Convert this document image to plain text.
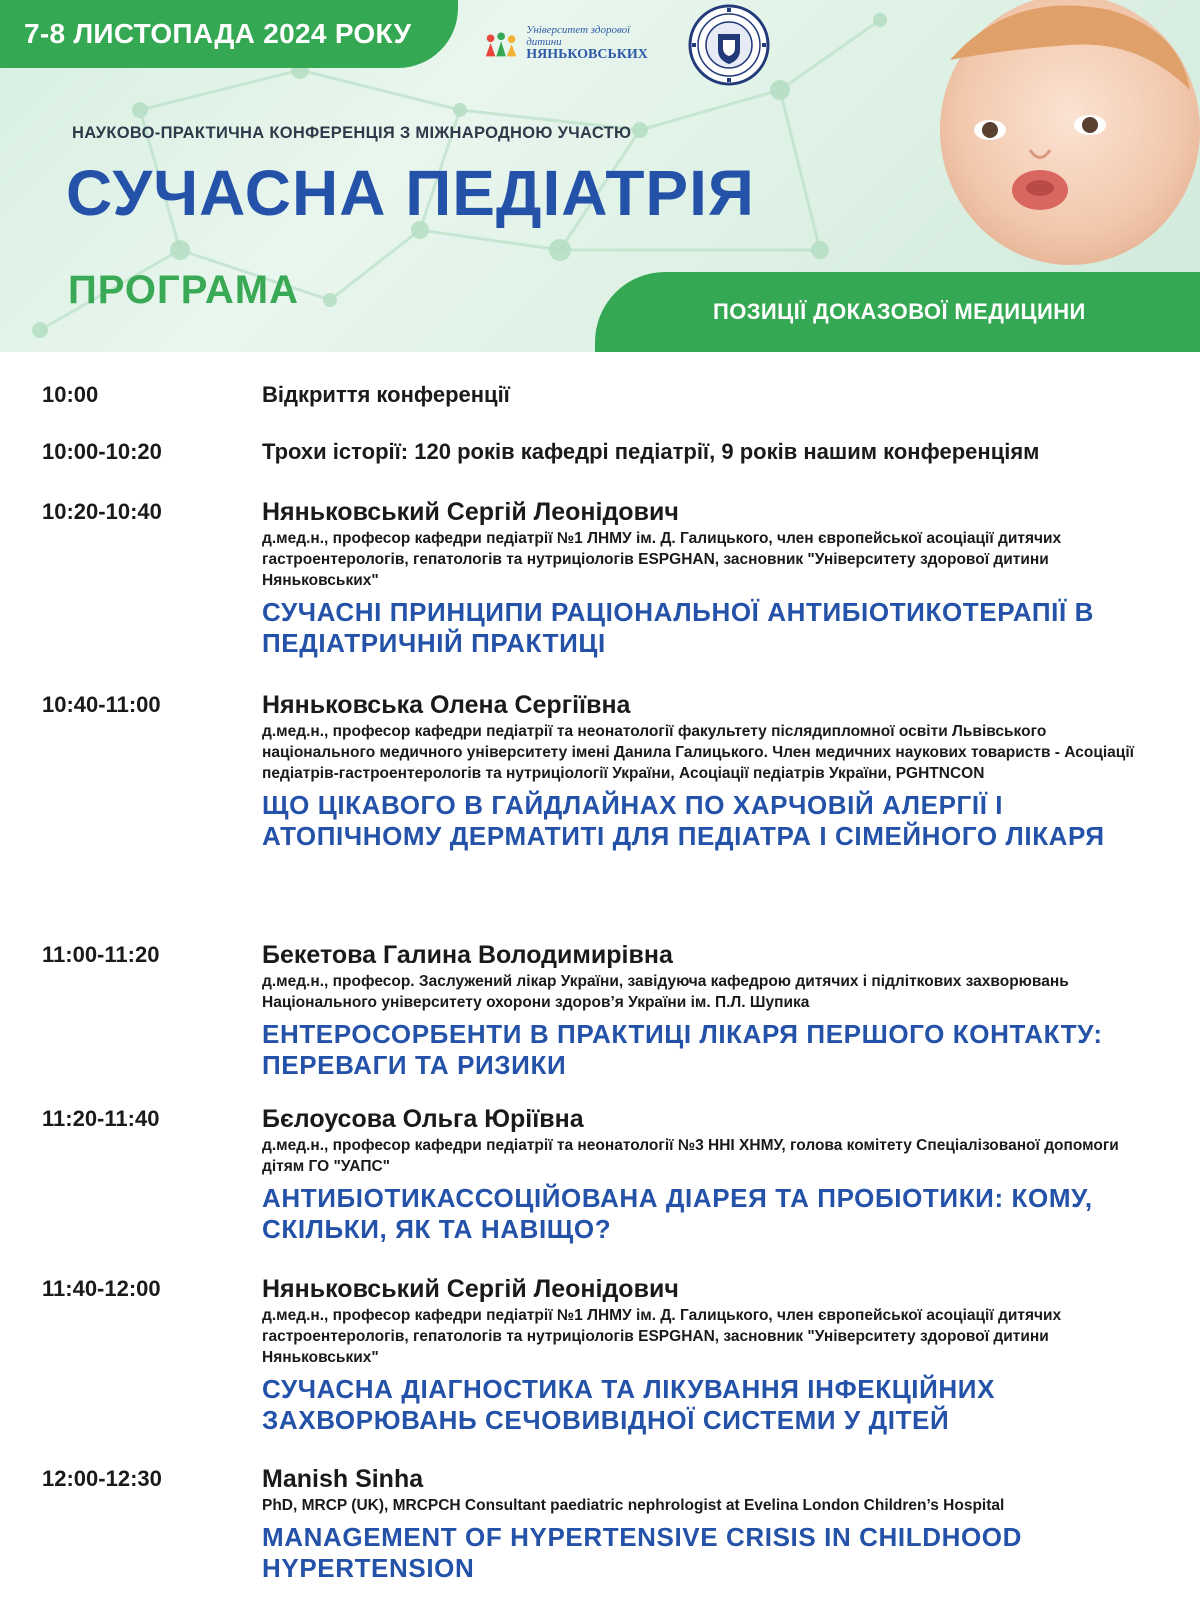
7-8 ЛИСТОПАДА 2024 РОКУ	Університет здорової дитини
НЯНЬКОВСЬКИХ
НАУКОВО-ПРАКТИЧНА КОНФЕРЕНЦІЯ З МІЖНАРОДНОЮ УЧАСТЮ
СУЧАСНА ПЕДІАТРІЯ
ПРОГРАМА	ПОЗИЦІЇ ДОКАЗОВОЇ МЕДИЦИНИ
10:00	Відкриття конференції
10:00-10:20	Трохи історії: 120 років кафедрі педіатрії, 9 років нашим конференціям
10:20-10:40	Няньковський Сергій Леонідович
д.мед.н., професор кафедри педіатрії №1 ЛНМУ ім. Д. Галицького, член європейської асоціації дитячих гастроентерологів, гепатологів та нутриціологів ESPGHAN, засновник "Університету здорової дитини Няньковських"
СУЧАСНІ ПРИНЦИПИ РАЦІОНАЛЬНОЇ АНТИБІОТИКОТЕРАПІЇ В ПЕДІАТРИЧНІЙ ПРАКТИЦІ
10:40-11:00	Няньковська Олена Сергіївна
д.мед.н., професор кафедри педіатрії та неонатології факультету післядипломної освіти Львівського національного медичного університету імені Данила Галицького. Член медичних наукових товариств - Асоціації педіатрів-гастроентерологів та нутриціології України, Асоціації педіатрів України, PGHTNCON
ЩО ЦІКАВОГО В ГАЙДЛАЙНАХ ПО ХАРЧОВІЙ АЛЕРГІЇ І АТОПІЧНОМУ ДЕРМАТИТІ ДЛЯ ПЕДІАТРА І СІМЕЙНОГО ЛІКАРЯ
11:00-11:20	Бекетова Галина Володимирівна
д.мед.н., професор. Заслужений лікар України, завідуюча кафедрою дитячих і підліткових захворювань Національного університету охорони здоров’я України ім. П.Л. Шупика
ЕНТЕРОСОРБЕНТИ В ПРАКТИЦІ ЛІКАРЯ ПЕРШОГО КОНТАКТУ: ПЕРЕВАГИ ТА РИЗИКИ
11:20-11:40	Бєлоусова Ольга Юріївна
д.мед.н., професор кафедри педіатрії та неонатології №3 ННІ ХНМУ, голова комітету Спеціалізованої допомоги дітям ГО "УАПС"
АНТИБІОТИКАССОЦІЙОВАНА ДІАРЕЯ ТА ПРОБІОТИКИ: КОМУ, СКІЛЬКИ, ЯК ТА НАВІЩО?
11:40-12:00	Няньковський Сергій Леонідович
д.мед.н., професор кафедри педіатрії №1 ЛНМУ ім. Д. Галицького, член європейської асоціації дитячих гастроентерологів, гепатологів та нутриціологів ESPGHAN, засновник "Університету здорової дитини Няньковських"
СУЧАСНА ДІАГНОСТИКА ТА ЛІКУВАННЯ ІНФЕКЦІЙНИХ ЗАХВОРЮВАНЬ СЕЧОВИВІДНОЇ СИСТЕМИ У ДІТЕЙ
12:00-12:30	Manish Sinha
PhD, MRCP (UK), MRCPCH Consultant paediatric nephrologist at Evelina London Children’s Hospital
MANAGEMENT OF HYPERTENSIVE CRISIS IN CHILDHOOD HYPERTENSION
